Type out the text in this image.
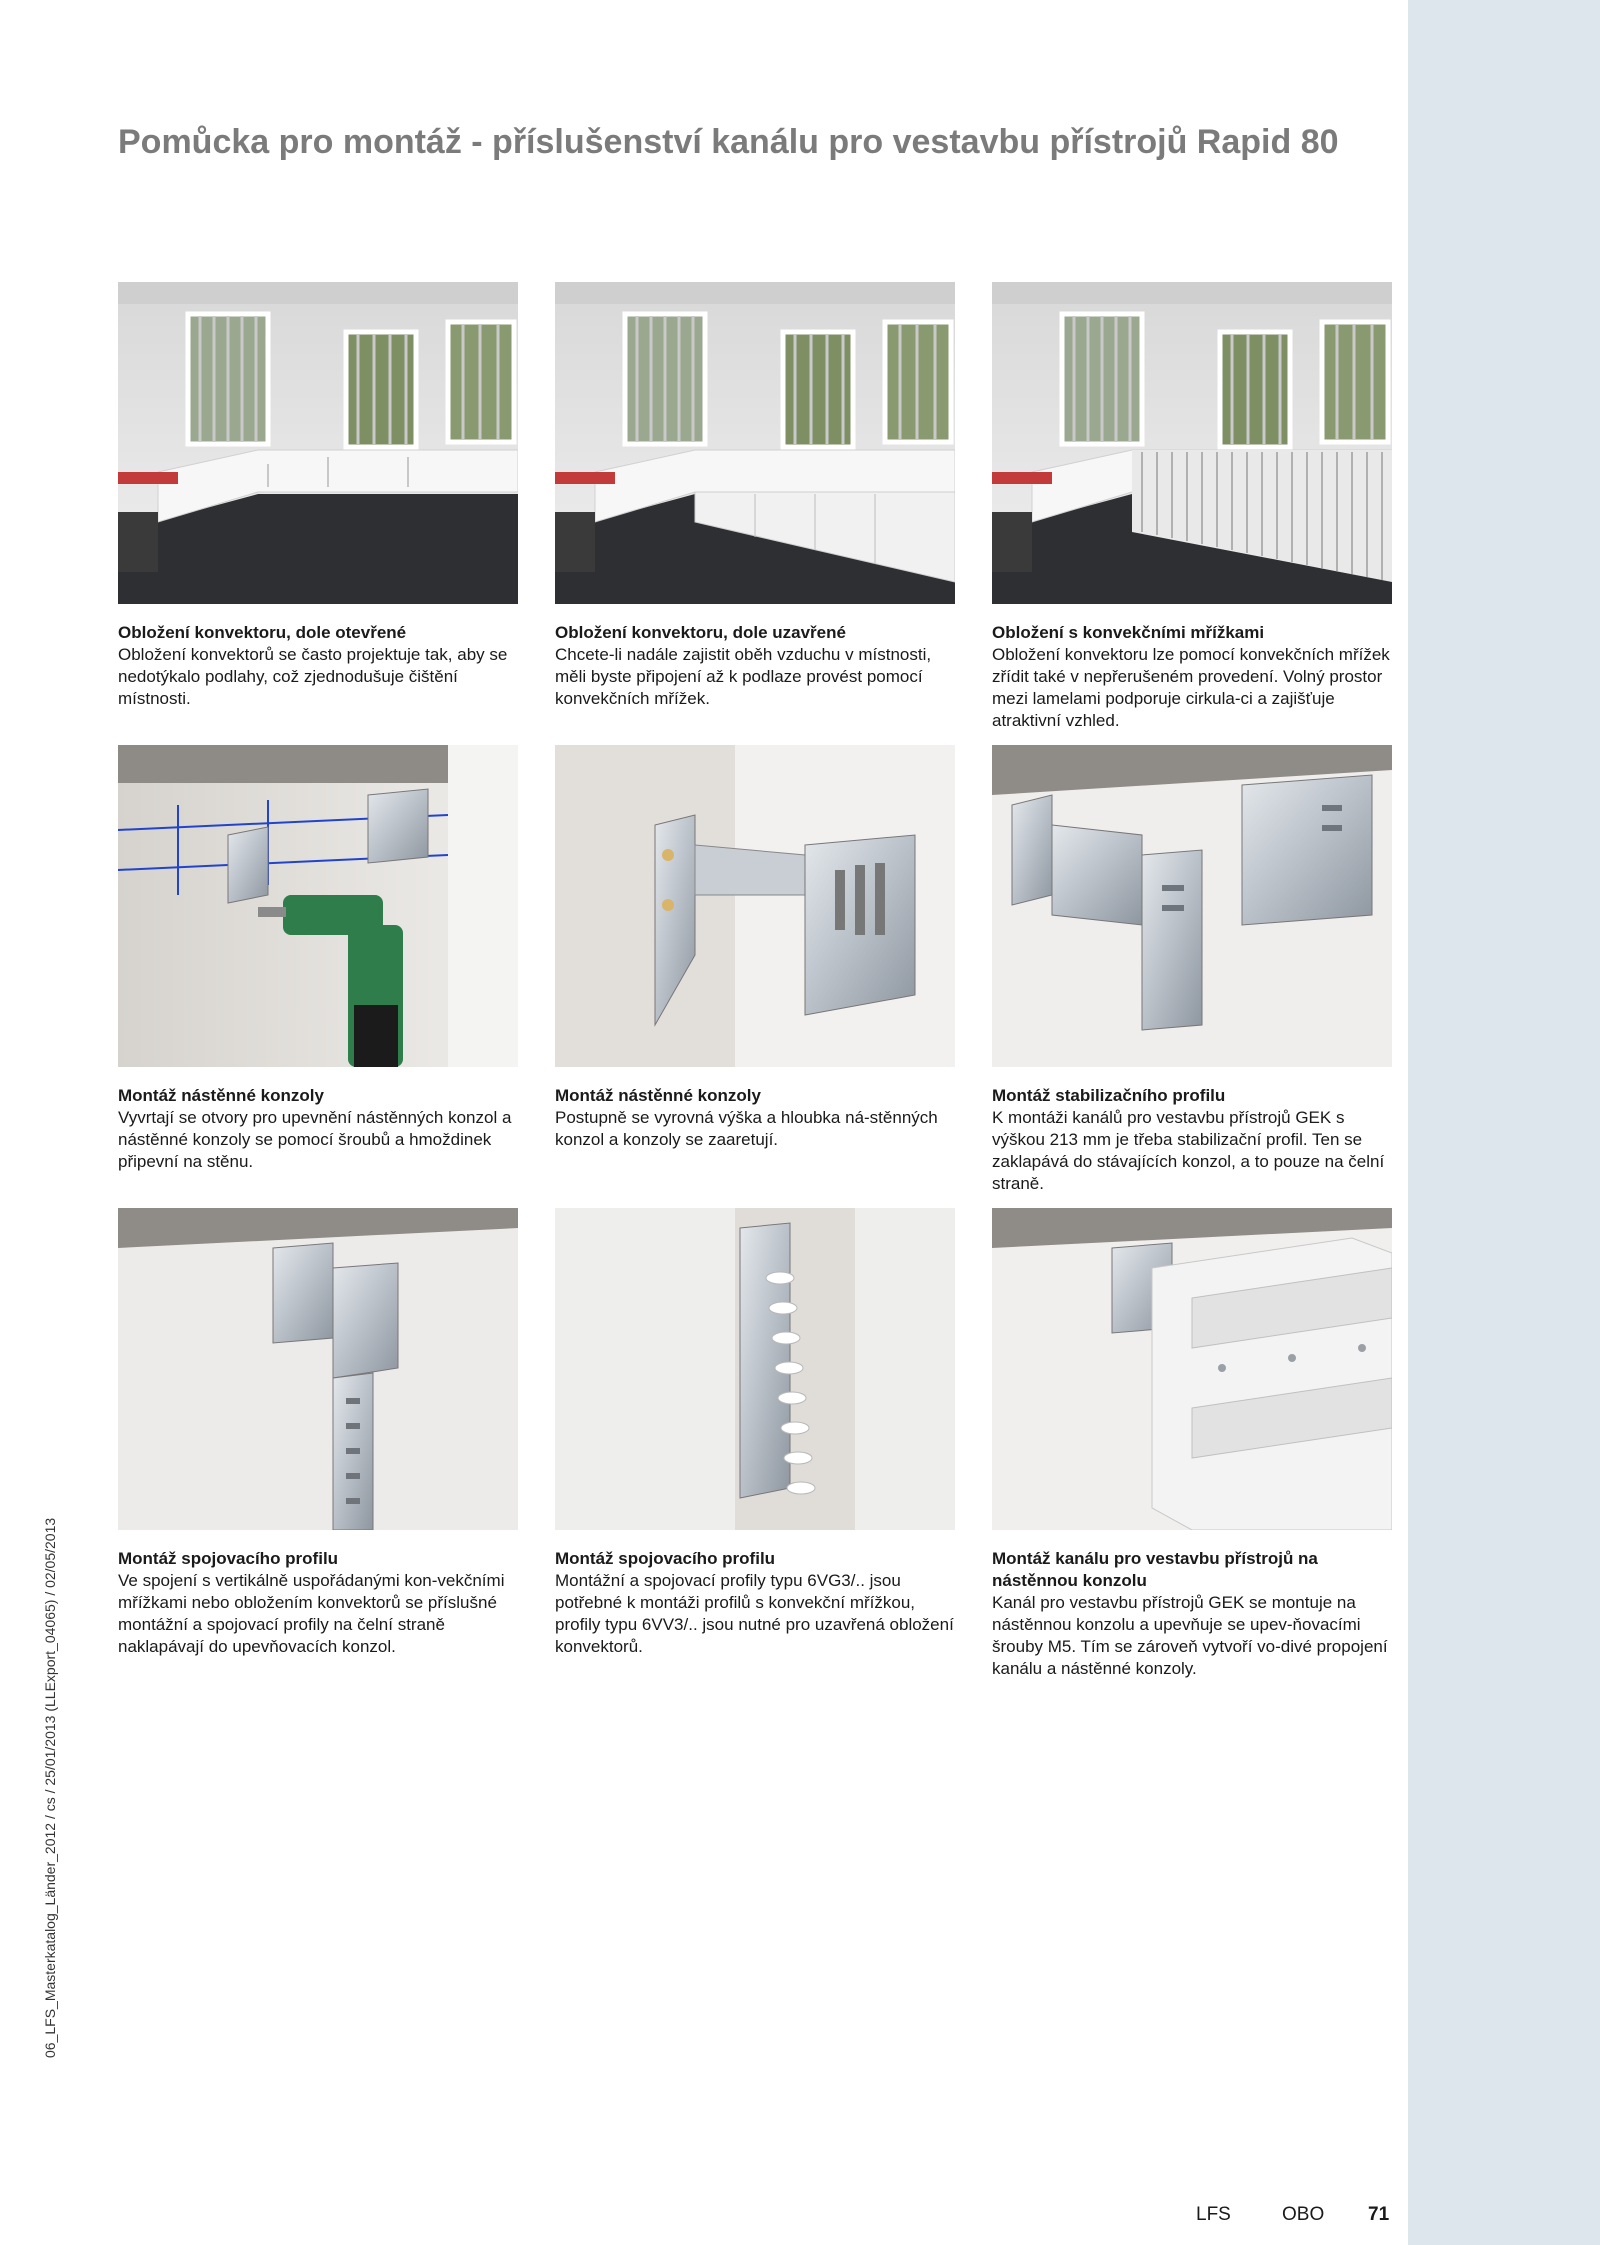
Pomůcka pro montáž - příslušenství kanálu pro vestavbu přístrojů Rapid 80
Obložení konvektoru, dole otevřené
Obložení konvektorů se často projektuje tak, aby se nedotýkalo podlahy, což zjednodušuje čištění místnosti.
Obložení konvektoru, dole uzavřené
Chcete-li nadále zajistit oběh vzduchu v místnosti, měli byste připojení až k podlaze provést pomocí konvekčních mřížek.
Obložení s konvekčními mřížkami
Obložení konvektoru lze pomocí konvekčních mřížek zřídit také v nepřerušeném provedení. Volný prostor mezi lamelami podporuje cirkula-ci a zajišťuje atraktivní vzhled.
Montáž nástěnné konzoly
Vyvrtají se otvory pro upevnění nástěnných konzol a nástěnné konzoly se pomocí šroubů a hmoždinek připevní na stěnu.
Montáž nástěnné konzoly
Postupně se vyrovná výška a hloubka ná-stěnných konzol a konzoly se zaaretují.
Montáž stabilizačního profilu
K montáži kanálů pro vestavbu přístrojů GEK s výškou 213 mm je třeba stabilizační profil. Ten se zaklapává do stávajících konzol, a to pouze na čelní straně.
Montáž spojovacího profilu
Ve spojení s vertikálně uspořádanými kon-vekčními mřížkami nebo obložením konvektorů se příslušné montážní a spojovací profily na čelní straně naklapávají do upevňovacích konzol.
Montáž spojovacího profilu
Montážní a spojovací profily typu 6VG3/.. jsou potřebné k montáži profilů s konvekční mřížkou, profily typu 6VV3/.. jsou nutné pro uzavřená obložení konvektorů.
Montáž kanálu pro vestavbu přístrojů na nástěnnou konzolu
Kanál pro vestavbu přístrojů GEK se montuje na nástěnnou konzolu a upevňuje se upev-ňovacími šrouby M5. Tím se zároveň vytvoří vo-divé propojení kanálu a nástěnné konzoly.
06_LFS_Masterkatalog_Länder_2012 / cs / 25/01/2013 (LLExport_04065) / 02/05/2013
LFS	OBO 71
